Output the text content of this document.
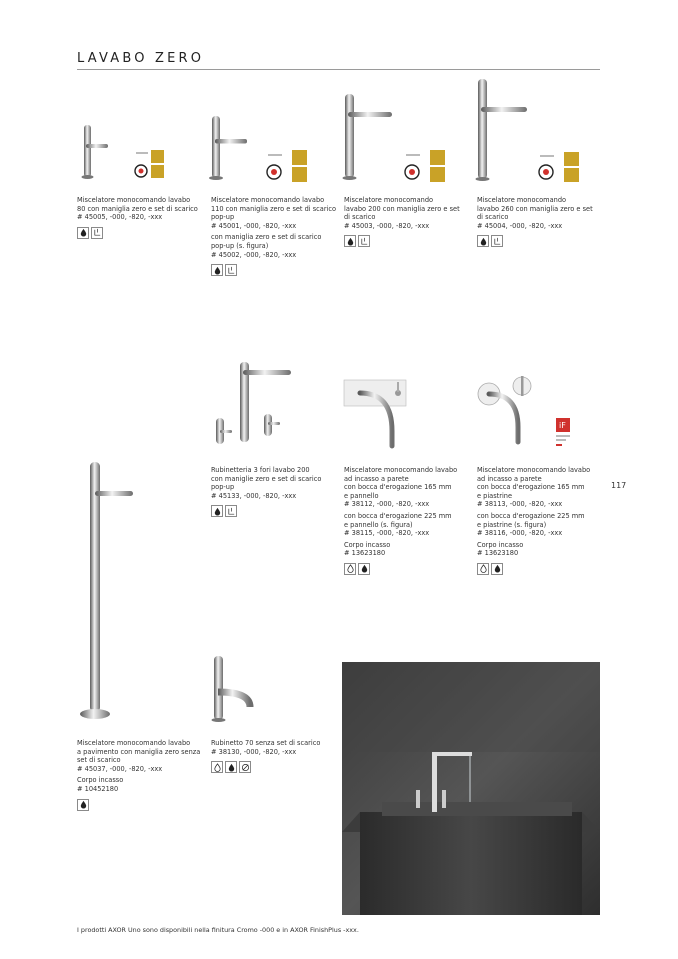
LAVABO ZERO
117

Miscelatore monocomando lavabo

80 con maniglia zero e set di scarico

# 45005, -000, -820, -xxx

Miscelatore monocomando lavabo

110 con maniglia zero e set di scarico

pop-up

# 45001, -000, -820, -xxx

con maniglia zero e set di scarico

pop-up (s. figura)

# 45002, -000, -820, -xxx

Miscelatore monocomando

lavabo 200 con maniglia zero e set

di scarico

# 45003, -000, -820, -xxx

Miscelatore monocomando

lavabo 260 con maniglia zero e set

di scarico

# 45004, -000, -820, -xxx

iF

Rubinetteria 3 fori lavabo 200

con maniglie zero e set di scarico

pop-up

# 45133, -000, -820, -xxx

Miscelatore monocomando lavabo

ad incasso a parete

con bocca d'erogazione 165 mm

e pannello

# 38112, -000, -820, -xxx

con bocca d'erogazione 225 mm

e pannello (s. figura)

# 38115, -000, -820, -xxx

Corpo incasso

# 13623180

Miscelatore monocomando lavabo

ad incasso a parete

con bocca d'erogazione 165 mm

e piastrine

# 38113, -000, -820, -xxx

con bocca d'erogazione 225 mm

e piastrine (s. figura)

# 38116, -000, -820, -xxx

Corpo incasso

# 13623180

Miscelatore monocomando lavabo

a pavimento con maniglia zero senza

set di scarico

# 45037, -000, -820, -xxx

Corpo incasso

# 10452180

Rubinetto 70 senza set di scarico

# 38130, -000, -820, -xxx

I prodotti AXOR Uno sono disponibili nella finitura Cromo -000 e in AXOR FinishPlus -xxx.
